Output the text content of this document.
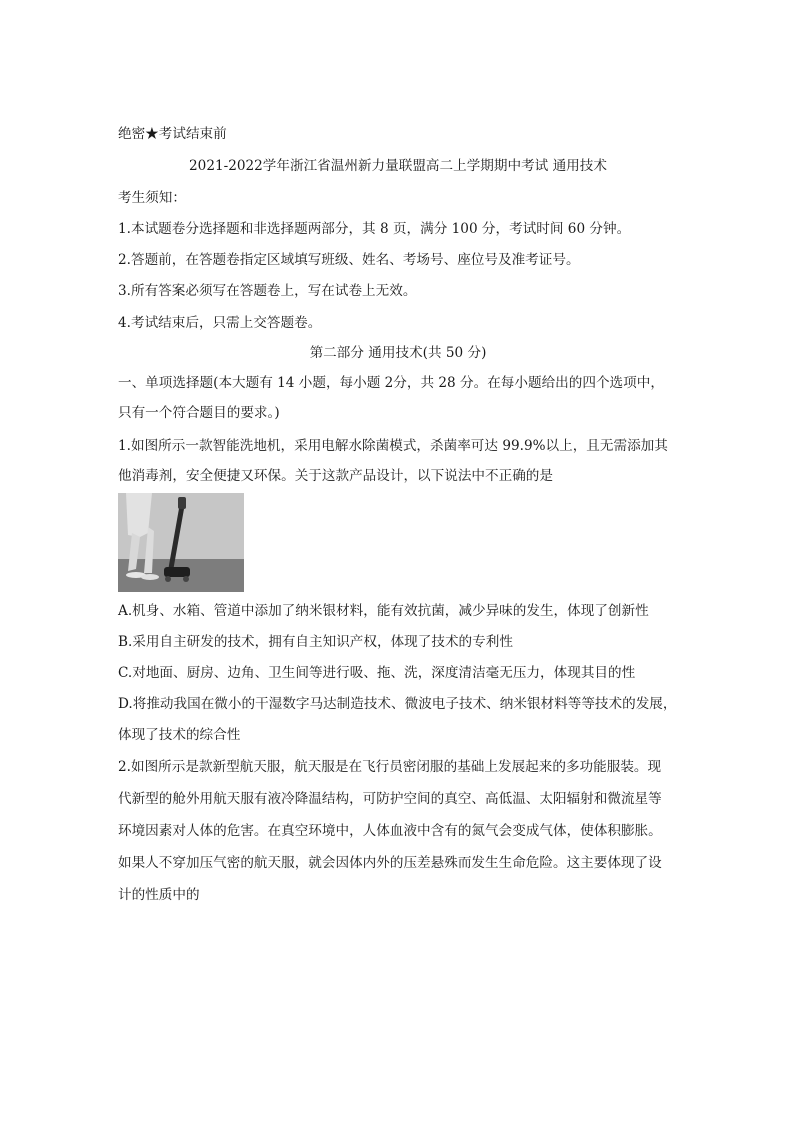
绝密★考试结束前
2021-2022学年浙江省温州新力量联盟高二上学期期中考试 通用技术
考生须知：
1.本试题卷分选择题和非选择题两部分，其 8 页，满分 100 分，考试时间 60 分钟。
2.答题前，在答题卷指定区域填写班级、姓名、考场号、座位号及准考证号。
3.所有答案必须写在答题卷上，写在试卷上无效。
4.考试结束后，只需上交答题卷。
第二部分 通用技术(共 50 分)
一、单项选择题(本大题有 14 小题，每小题 2分，共 28 分。在每小题给出的四个选项中，
只有一个符合题目的要求。)
1.如图所示一款智能洗地机，采用电解水除菌模式，杀菌率可达 99.9%以上，且无需添加其
他消毒剂，安全便捷又环保。关于这款产品设计，以下说法中不正确的是
A.机身、水箱、管道中添加了纳米银材料，能有效抗菌，减少异味的发生，体现了创新性
B.采用自主研发的技术，拥有自主知识产权，体现了技术的专利性
C.对地面、厨房、边角、卫生间等进行吸、拖、洗，深度清洁毫无压力，体现其目的性
D.将推动我国在微小的干湿数字马达制造技术、微波电子技术、纳米银材料等等技术的发展，
体现了技术的综合性
2.如图所示是款新型航天服，航天服是在飞行员密闭服的基础上发展起来的多功能服装。现
代新型的舱外用航天服有液冷降温结构，可防护空间的真空、高低温、太阳辐射和微流星等
环境因素对人体的危害。在真空环境中，人体血液中含有的氮气会变成气体，使体积膨胀。
如果人不穿加压气密的航天服，就会因体内外的压差悬殊而发生生命危险。这主要体现了设
计的性质中的
